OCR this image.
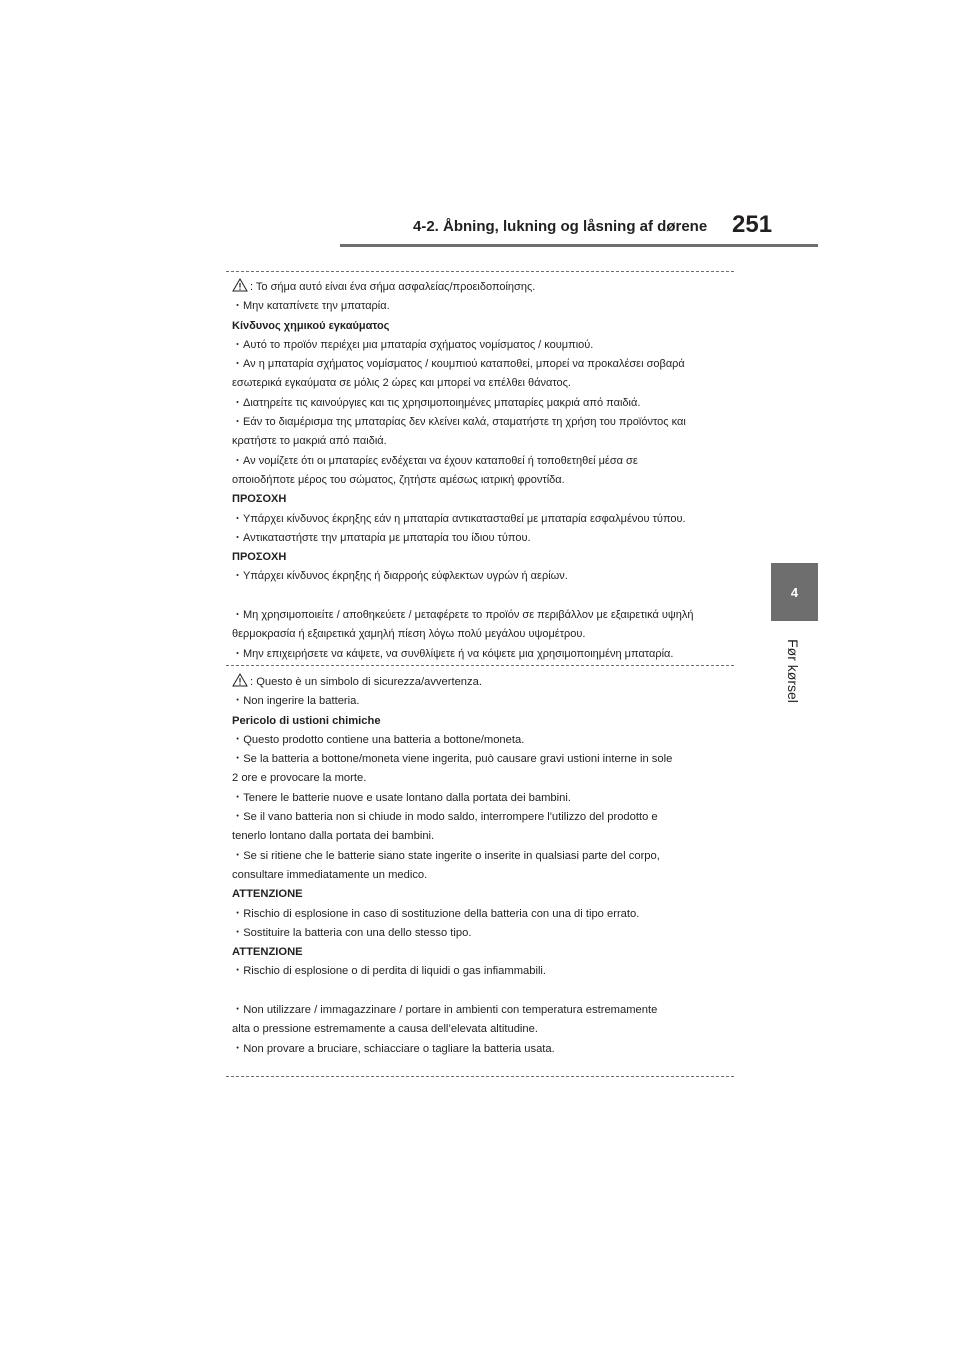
4-2. Åbning, lukning og låsning af dørene 251
4
Før kørsel
: Το σήμα αυτό είναι ένα σήμα ασφαλείας/προειδοποίησης.
・Μην καταπίνετε την μπαταρία.
Κίνδυνος χημικού εγκαύματος
・Αυτό το προϊόν περιέχει μια μπαταρία σχήματος νομίσματος / κουμπιού.
・Αν η μπαταρία σχήματος νομίσματος / κουμπιού καταποθεί, μπορεί να προκαλέσει σοβαρά
εσωτερικά εγκαύματα σε μόλις 2 ώρες και μπορεί να επέλθει θάνατος.
・Διατηρείτε τις καινούργιες και τις χρησιμοποιημένες μπαταρίες μακριά από παιδιά.
・Εάν το διαμέρισμα της μπαταρίας δεν κλείνει καλά, σταματήστε τη χρήση του προϊόντος και
κρατήστε το μακριά από παιδιά.
・Αν νομίζετε ότι οι μπαταρίες ενδέχεται να έχουν καταποθεί ή τοποθετηθεί μέσα σε
οποιοδήποτε μέρος του σώματος, ζητήστε αμέσως ιατρική φροντίδα.
ΠΡΟΣΟΧΗ
・Υπάρχει κίνδυνος έκρηξης εάν η μπαταρία αντικατασταθεί με μπαταρία εσφαλμένου τύπου.
・Αντικαταστήστε την μπαταρία με μπαταρία του ίδιου τύπου.
ΠΡΟΣΟΧΗ
・Υπάρχει κίνδυνος έκρηξης ή διαρροής εύφλεκτων υγρών ή αερίων.
・Μη χρησιμοποιείτε / αποθηκεύετε / μεταφέρετε το προϊόν σε περιβάλλον με εξαιρετικά υψηλή
θερμοκρασία ή εξαιρετικά χαμηλή πίεση λόγω πολύ μεγάλου υψομέτρου.
・Μην επιχειρήσετε να κάψετε, να συνθλίψετε ή να κόψετε μια χρησιμοποιημένη μπαταρία.
: Questo è un simbolo di sicurezza/avvertenza.
・Non ingerire la batteria.
Pericolo di ustioni chimiche
・Questo prodotto contiene una batteria a bottone/moneta.
・Se la batteria a bottone/moneta viene ingerita, può causare gravi ustioni interne in sole
2 ore e provocare la morte.
・Tenere le batterie nuove e usate lontano dalla portata dei bambini.
・Se il vano batteria non si chiude in modo saldo, interrompere l'utilizzo del prodotto e
tenerlo lontano dalla portata dei bambini.
・Se si ritiene che le batterie siano state ingerite o inserite in qualsiasi parte del corpo,
consultare immediatamente un medico.
ATTENZIONE
・Rischio di esplosione in caso di sostituzione della batteria con una di tipo errato.
・Sostituire la batteria con una dello stesso tipo.
ATTENZIONE
・Rischio di esplosione o di perdita di liquidi o gas infiammabili.
・Non utilizzare / immagazzinare / portare in ambienti con temperatura estremamente
alta o pressione estremamente a causa dell’elevata altitudine.
・Non provare a bruciare, schiacciare o tagliare la batteria usata.
